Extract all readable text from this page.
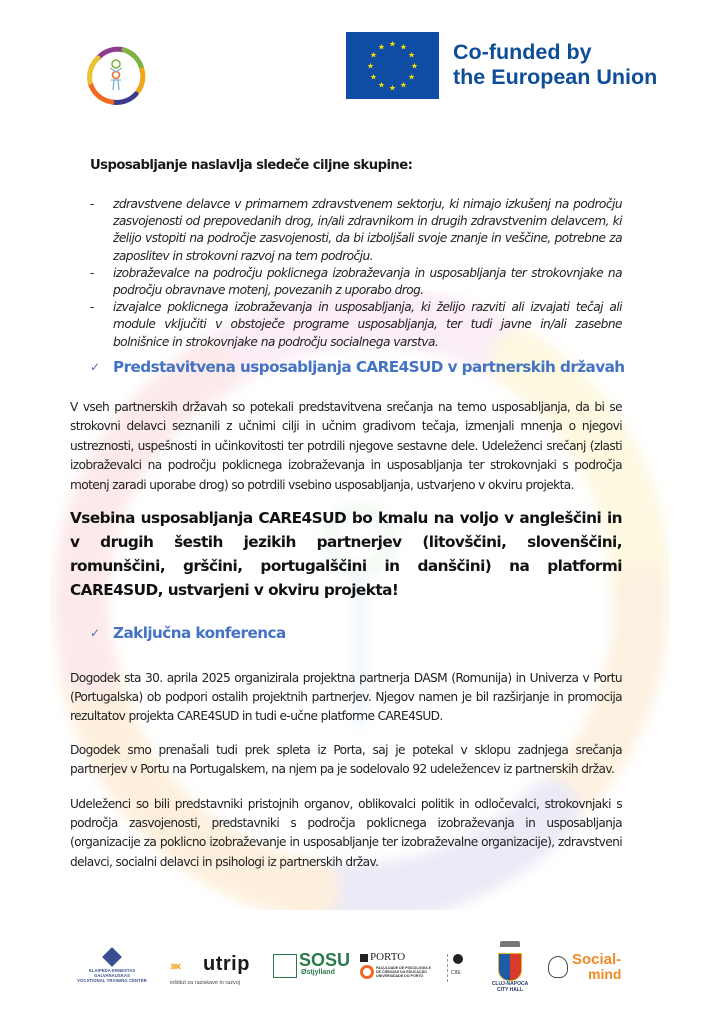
★ ★
★
★
★
★
★
★
★
★
★
★	Co-funded by
the European Union
Usposabljanje naslavlja sledeče ciljne skupine:
- zdravstvene delavce v primarnem zdravstvenem sektorju, ki nimajo izkušenj na področju zasvojenosti od prepovedanih drog, in/ali zdravnikom in drugih zdravstvenim delavcem, ki želijo vstopiti na področje zasvojenosti, da bi izboljšali svoje znanje in veščine, potrebne za zaposlitev in strokovni razvoj na tem področju.
- izobraževalce na področju poklicnega izobraževanja in usposabljanja ter strokovnjake na področju obravnave motenj, povezanih z uporabo drog.
- izvajalce poklicnega izobraževanja in usposabljanja, ki želijo razviti ali izvajati tečaj ali module vključiti v obstoječe programe usposabljanja, ter tudi javne in/ali zasebne bolnišnice in strokovnjake na področju socialnega varstva.
✓ Predstavitvena usposabljanja CARE4SUD v partnerskih državah
V vseh partnerskih državah so potekali predstavitvena srečanja na temo usposabljanja, da bi se strokovni delavci seznanili z učnimi cilji in učnim gradivom tečaja, izmenjali mnenja o njegovi ustreznosti, uspešnosti in učinkovitosti ter potrdili njegove sestavne dele. Udeleženci srečanj (zlasti izobraževalci na področju poklicnega izobraževanja in usposabljanja ter strokovnjaki s področja motenj zaradi uporabe drog) so potrdili vsebino usposabljanja, ustvarjeno v okviru projekta.
Vsebina usposabljanja CARE4SUD bo kmalu na voljo v angleščini in v drugih šestih jezikih partnerjev (litovščini, slovenščini, romunščini, grščini, portugalščini in danščini) na platformi CARE4SUD, ustvarjeni v okviru projekta!
✓ Zaključna konferenca
Dogodek sta 30. aprila 2025 organizirala projektna partnerja DASM (Romunija) in Univerza v Portu (Portugalska) ob podpori ostalih projektnih partnerjev. Njegov namen je bil razširjanje in promocija rezultatov projekta CARE4SUD in tudi e-učne platforme CARE4SUD.
Dogodek smo prenašali tudi prek spleta iz Porta, saj je potekal v sklopu zadnjega srečanja partnerjev v Portu na Portugalskem, na njem pa je sodelovalo 92 udeležencev iz partnerskih držav.
Udeleženci so bili predstavniki pristojnih organov, oblikovalci politik in odločevalci, strokovnjaki s področja zasvojenosti, predstavniki s področja poklicnega izobraževanja in usposabljanja (organizacije za poklicno izobraževanje in usposabljanje ter izobraževalne organizacije), zdravstveni delavci, socialni delavci in psihologi iz partnerskih držav.
KLAIPEDA ERNESTAS GALVANAUSKAS
VOCATIONAL TRAINING CENTER
›››‹ utrip
inštitut za raziskave in razvoj
SOSU
Østjylland
PORTO
FACULDADE DE PSICOLOGIA E DE CIÊNCIAS DA EDUCAÇÃO UNIVERSIDADE DO PORTO
CIIE
CLUJ-NAPOCA
CITY HALL
Social-
mind
